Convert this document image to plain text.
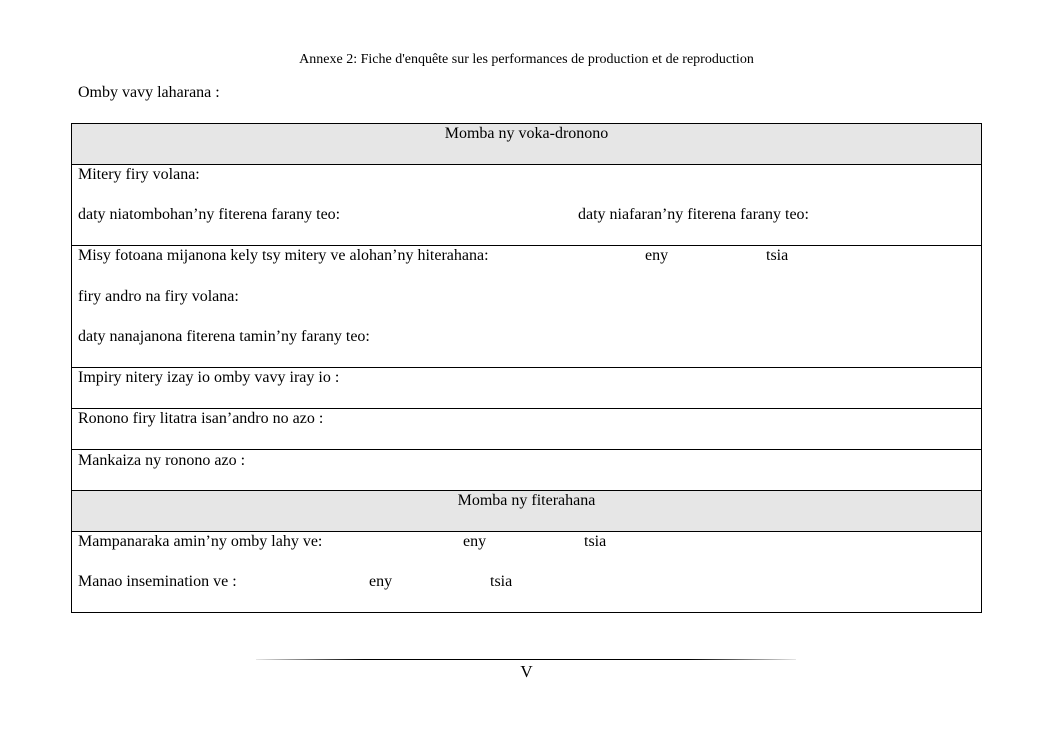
Annexe 2: Fiche d'enquête sur les performances de production et de reproduction
Omby vavy laharana :
Momba ny voka-dronono
Mitery firy volana:
daty niatombohan’ny fiterena farany teo:	daty niafaran’ny fiterena farany teo:
Misy fotoana mijanona kely tsy mitery ve alohan’ny hiterahana:	eny	tsia
firy andro na firy volana:
daty nanajanona fiterena tamin’ny farany teo:
Impiry nitery izay io omby vavy iray io :
Ronono firy litatra isan’andro no azo :
Mankaiza ny ronono azo :
Momba ny fiterahana
Mampanaraka amin’ny omby lahy ve:	eny	tsia
Manao insemination ve :	eny	tsia
V
